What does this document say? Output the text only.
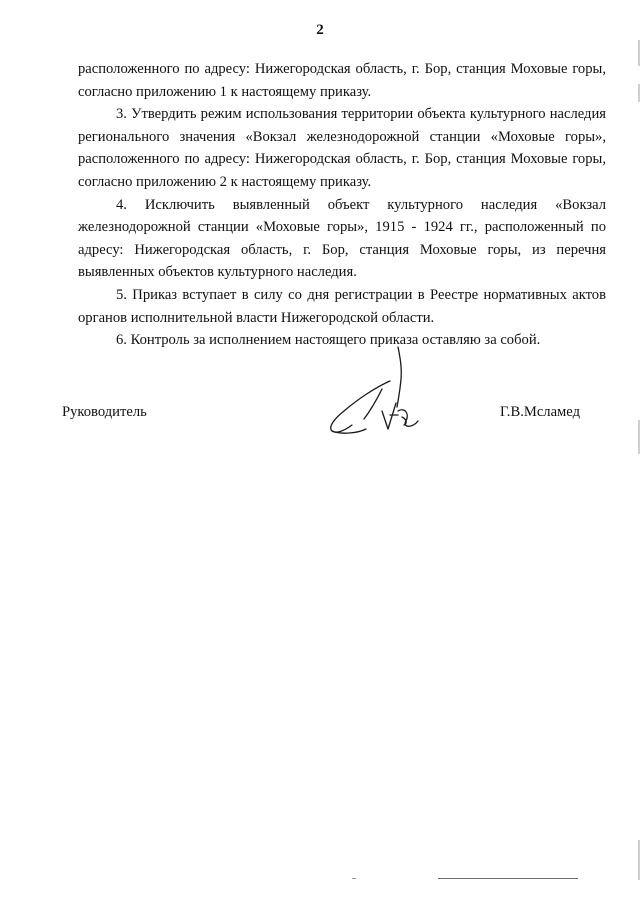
2

расположенного по адресу: Нижегородская область, г. Бор, станция Моховые горы, согласно приложению 1 к настоящему приказу.

3. Утвердить режим использования территории объекта культурного наследия регионального значения «Вокзал железнодорожной станции «Моховые горы», расположенного по адресу: Нижегородская область, г. Бор, станция Моховые горы, согласно приложению 2 к настоящему приказу.

4. Исключить выявленный объект культурного наследия «Вокзал железнодорожной станции «Моховые горы», 1915 - 1924 гг., расположенный по адресу: Нижегородская область, г. Бор, станция Моховые горы, из перечня выявленных объектов культурного наследия.

5. Приказ вступает в силу со дня регистрации в Реестре нормативных актов органов исполнительной власти Нижегородской области.

6. Контроль за исполнением настоящего приказа оставляю за собой.

Руководитель	Г.В.Мсламед
